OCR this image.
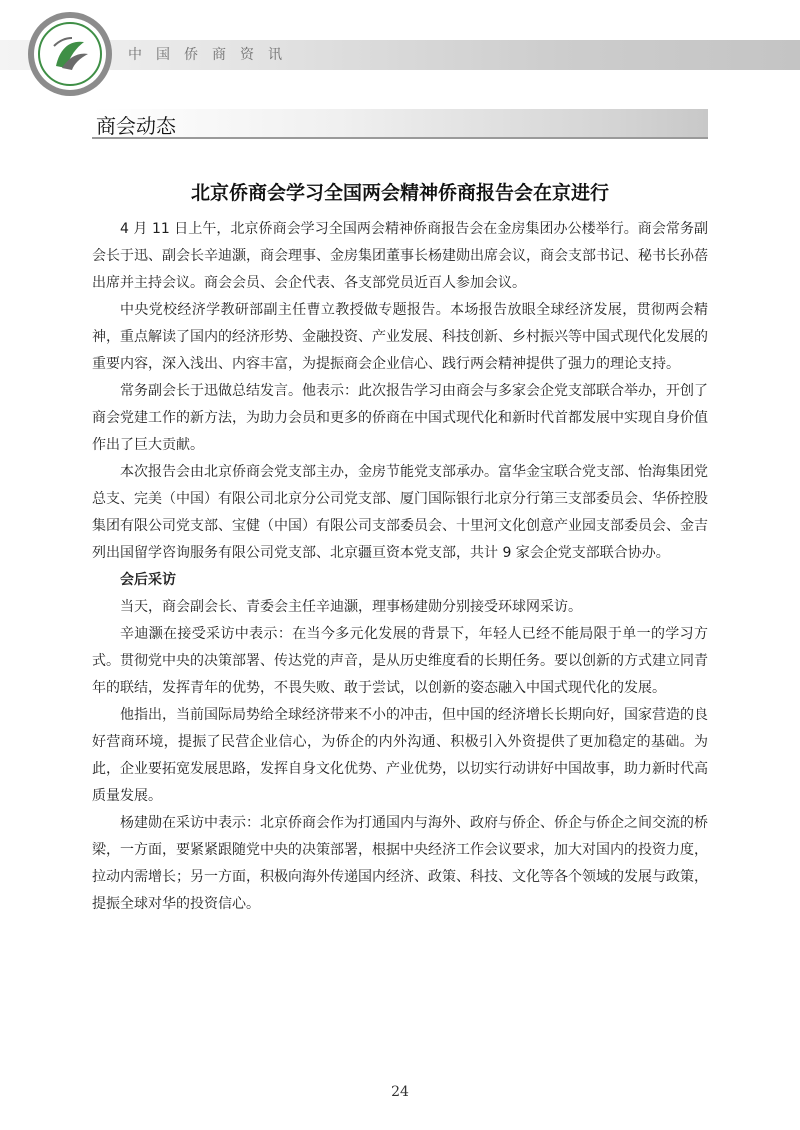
中国侨商资讯
商会动态
北京侨商会学习全国两会精神侨商报告会在京进行

4 月 11 日上午，北京侨商会学习全国两会精神侨商报告会在金房集团办公楼举行。商会常务副会长于迅、副会长辛迪灏，商会理事、金房集团董事长杨建勋出席会议，商会支部书记、秘书长孙蓓出席并主持会议。商会会员、会企代表、各支部党员近百人参加会议。

中央党校经济学教研部副主任曹立教授做专题报告。本场报告放眼全球经济发展，贯彻两会精神，重点解读了国内的经济形势、金融投资、产业发展、科技创新、乡村振兴等中国式现代化发展的重要内容，深入浅出、内容丰富，为提振商会企业信心、践行两会精神提供了强力的理论支持。

常务副会长于迅做总结发言。他表示：此次报告学习由商会与多家会企党支部联合举办，开创了商会党建工作的新方法，为助力会员和更多的侨商在中国式现代化和新时代首都发展中实现自身价值作出了巨大贡献。

本次报告会由北京侨商会党支部主办，金房节能党支部承办。富华金宝联合党支部、怡海集团党总支、完美（中国）有限公司北京分公司党支部、厦门国际银行北京分行第三支部委员会、华侨控股集团有限公司党支部、宝健（中国）有限公司支部委员会、十里河文化创意产业园支部委员会、金吉列出国留学咨询服务有限公司党支部、北京疆亘资本党支部，共计 9 家会企党支部联合协办。

会后采访

当天，商会副会长、青委会主任辛迪灏，理事杨建勋分别接受环球网采访。

辛迪灏在接受采访中表示：在当今多元化发展的背景下，年轻人已经不能局限于单一的学习方式。贯彻党中央的决策部署、传达党的声音，是从历史维度看的长期任务。要以创新的方式建立同青年的联结，发挥青年的优势，不畏失败、敢于尝试，以创新的姿态融入中国式现代化的发展。

他指出，当前国际局势给全球经济带来不小的冲击，但中国的经济增长长期向好，国家营造的良好营商环境，提振了民营企业信心，为侨企的内外沟通、积极引入外资提供了更加稳定的基础。为此，企业要拓宽发展思路，发挥自身文化优势、产业优势，以切实行动讲好中国故事，助力新时代高质量发展。

杨建勋在采访中表示：北京侨商会作为打通国内与海外、政府与侨企、侨企与侨企之间交流的桥梁，一方面，要紧紧跟随党中央的决策部署，根据中央经济工作会议要求，加大对国内的投资力度，拉动内需增长；另一方面，积极向海外传递国内经济、政策、科技、文化等各个领域的发展与政策，提振全球对华的投资信心。

24
